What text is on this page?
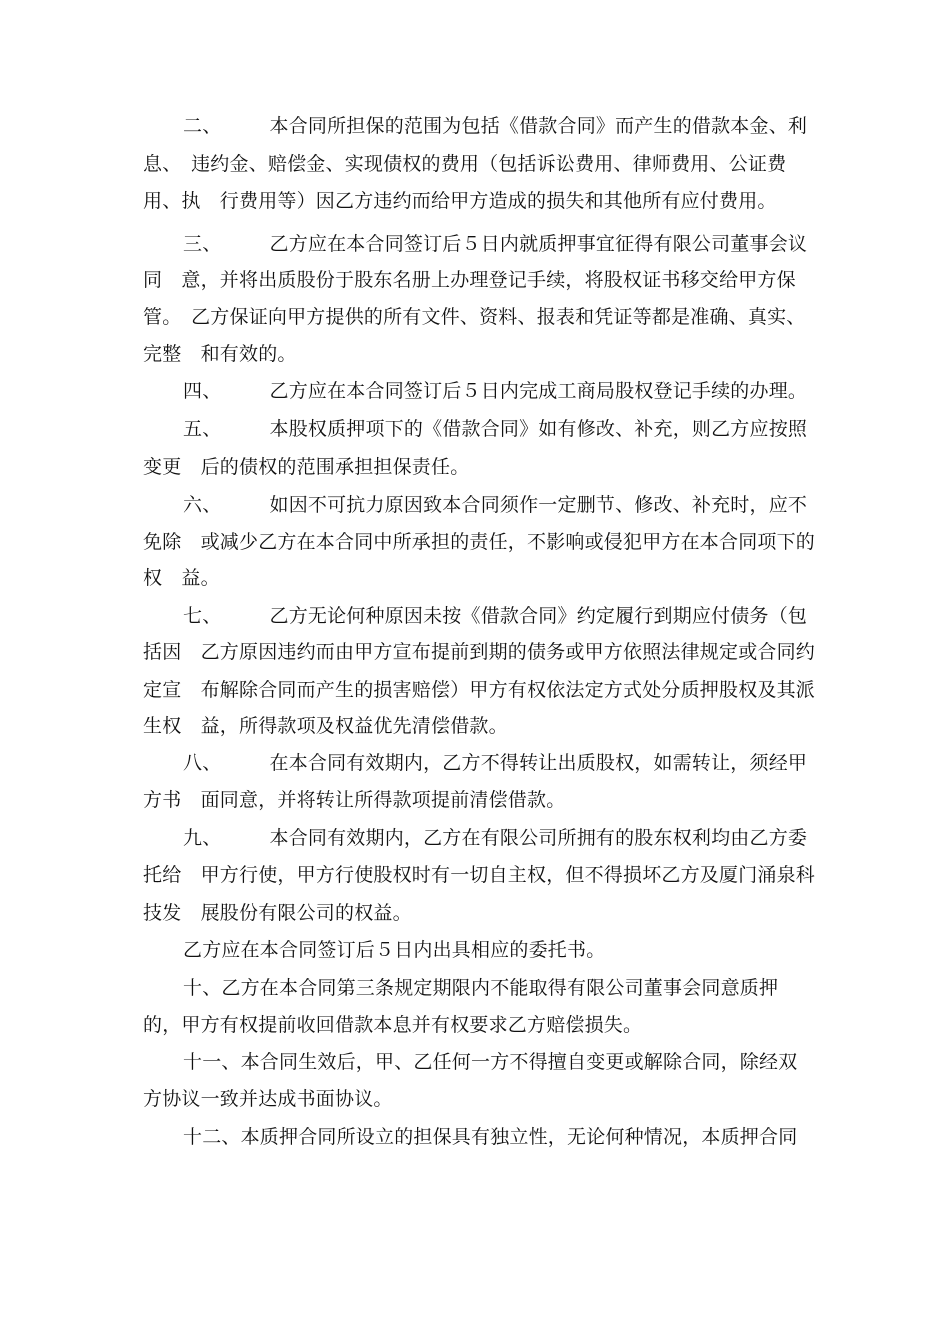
二、　　　本合同所担保的范围为包括《借款合同》而产生的借款本金、利
息、　违约金、赔偿金、实现债权的费用（包括诉讼费用、律师费用、公证费
用、执　行费用等）因乙方违约而给甲方造成的损失和其他所有应付费用。
三、　　　乙方应在本合同签订后５日内就质押事宜征得有限公司董事会议
同　意，并将出质股份于股东名册上办理登记手续，将股权证书移交给甲方保
管。　乙方保证向甲方提供的所有文件、资料、报表和凭证等都是准确、真实、
完整　和有效的。
四、　　　乙方应在本合同签订后５日内完成工商局股权登记手续的办理。
五、　　　本股权质押项下的《借款合同》如有修改、补充，则乙方应按照
变更　后的债权的范围承担担保责任。
六、　　　如因不可抗力原因致本合同须作一定删节、修改、补充时，应不
免除　或减少乙方在本合同中所承担的责任，不影响或侵犯甲方在本合同项下的
权　益。
七、　　　乙方无论何种原因未按《借款合同》约定履行到期应付债务（包
括因　乙方原因违约而由甲方宣布提前到期的债务或甲方依照法律规定或合同约
定宣　布解除合同而产生的损害赔偿）甲方有权依法定方式处分质押股权及其派
生权　益，所得款项及权益优先清偿借款。
八、　　　在本合同有效期内，乙方不得转让出质股权，如需转让，须经甲
方书　面同意，并将转让所得款项提前清偿借款。
九、　　　本合同有效期内，乙方在有限公司所拥有的股东权利均由乙方委
托给　甲方行使，甲方行使股权时有一切自主权，但不得损坏乙方及厦门涌泉科
技发　展股份有限公司的权益。
乙方应在本合同签订后５日内出具相应的委托书。
十、乙方在本合同第三条规定期限内不能取得有限公司董事会同意质押
的，甲方有权提前收回借款本息并有权要求乙方赔偿损失。
十一、本合同生效后，甲、乙任何一方不得擅自变更或解除合同，除经双
方协议一致并达成书面协议。
十二、本质押合同所设立的担保具有独立性，无论何种情况，本质押合同
